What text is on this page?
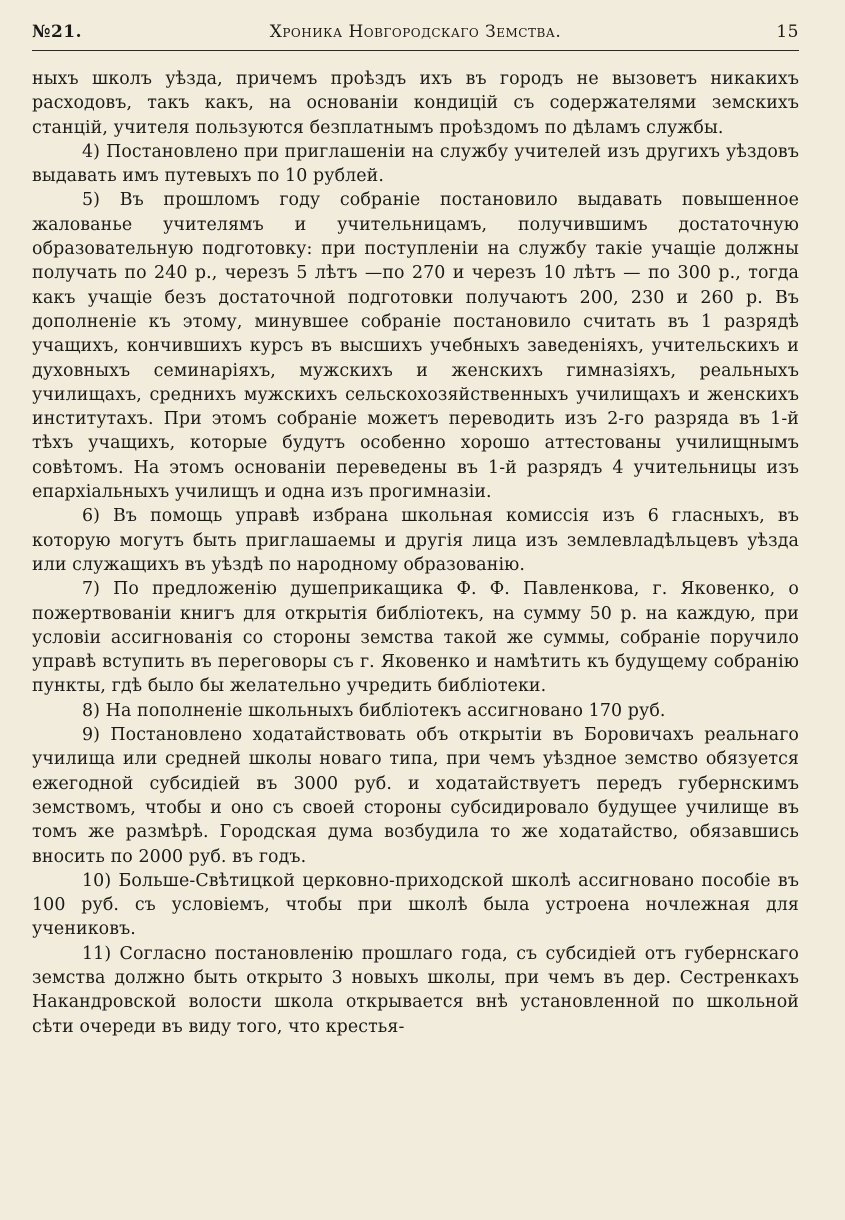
№21.	Хроника Новгородскаго Земства.	15

ныхъ школъ уѣзда, причемъ проѣздъ ихъ въ городъ не вызоветъ никакихъ расходовъ, такъ какъ, на основаніи кондицій съ содержателями земскихъ станцій, учителя пользуются безплатнымъ проѣздомъ по дѣламъ службы.

4) Постановлено при приглашеніи на службу учителей изъ другихъ уѣздовъ выдавать имъ путевыхъ по 10 рублей.

5) Въ прошломъ году собраніе постановило выдавать повышенное жалованье учителямъ и учительницамъ, получившимъ достаточную образовательную подготовку: при поступленіи на службу такіе учащіе должны получать по 240 р., черезъ 5 лѣтъ —по 270 и черезъ 10 лѣтъ — по 300 р., тогда какъ учащіе безъ достаточной подготовки получаютъ 200, 230 и 260 р. Въ дополненіе къ этому, минувшее собраніе постановило считать въ 1 разрядѣ учащихъ, кончившихъ курсъ въ высшихъ учебныхъ заведеніяхъ, учительскихъ и духовныхъ семинаріяхъ, мужскихъ и женскихъ гимназіяхъ, реальныхъ училищахъ, среднихъ мужскихъ сельскохозяйственныхъ училищахъ и женскихъ институтахъ. При этомъ собраніе можетъ переводить изъ 2-го разряда въ 1-й тѣхъ учащихъ, которые будутъ особенно хорошо аттестованы училищнымъ совѣтомъ. На этомъ основаніи переведены въ 1-й разрядъ 4 учительницы изъ епархіальныхъ училищъ и одна изъ прогимназіи.

6) Въ помощь управѣ избрана школьная комиссія изъ 6 гласныхъ, въ которую могутъ быть приглашаемы и другія лица изъ землевладѣльцевъ уѣзда или служащихъ въ уѣздѣ по народному образованію.

7) По предложенію душеприкащика Ф. Ф. Павленкова, г. Яковенко, о пожертвованіи книгъ для открытія библіотекъ, на сумму 50 р. на каждую, при условіи ассигнованія со стороны земства такой же суммы, собраніе поручило управѣ вступить въ переговоры съ г. Яковенко и намѣтить къ будущему собранію пункты, гдѣ было бы желательно учредить библіотеки.

8) На пополненіе школьныхъ библіотекъ ассигновано 170 руб.

9) Постановлено ходатайствовать объ открытіи въ Боровичахъ реальнаго училища или средней школы новаго типа, при чемъ уѣздное земство обязуется ежегодной субсидіей въ 3000 руб. и ходатайствуетъ передъ губернскимъ земствомъ, чтобы и оно съ своей стороны субсидировало будущее училище въ томъ же размѣрѣ. Городская дума возбудила то же ходатайство, обязавшись вносить по 2000 руб. въ годъ.

10) Больше-Свѣтицкой церковно-приходской школѣ ассигновано пособіе въ 100 руб. съ условіемъ, чтобы при школѣ была устроена ночлежная для учениковъ.

11) Согласно постановленію прошлаго года, съ субсидіей отъ губернскаго земства должно быть открыто 3 новыхъ школы, при чемъ въ дер. Сестренкахъ Накандровской волости школа открывается внѣ установленной по школьной сѣти очереди въ виду того, что крестья-
